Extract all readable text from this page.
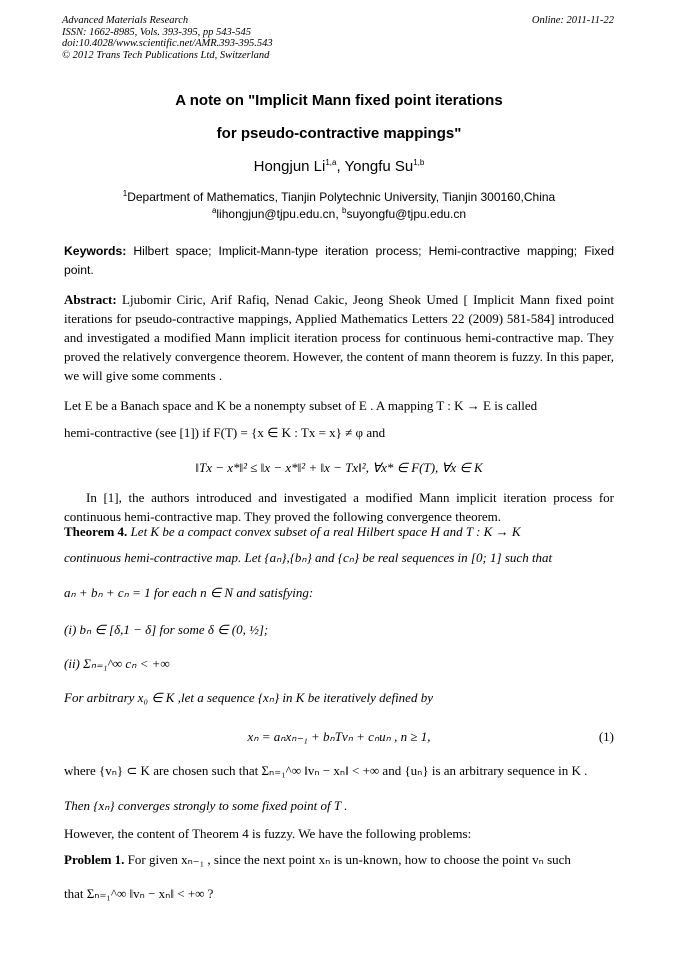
Advanced Materials Research
ISSN: 1662-8985, Vols. 393-395, pp 543-545
doi:10.4028/www.scientific.net/AMR.393-395.543
© 2012 Trans Tech Publications Ltd, Switzerland
Online: 2011-11-22
A note on "Implicit Mann fixed point iterations
for pseudo-contractive mappings"
Hongjun Li$^{1,a}$, Yongfu Su$^{1,b}$
$^1$Department of Mathematics, Tianjin Polytechnic University, Tianjin 300160,China
$^a$lihongjun@tjpu.edu.cn, $^b$suyongfu@tjpu.edu.cn
Keywords: Hilbert space; Implicit-Mann-type iteration process; Hemi-contractive mapping; Fixed point.
Abstract: Ljubomir Ciric, Arif Rafiq, Nenad Cakic, Jeong Sheok Umed [ Implicit Mann fixed point iterations for pseudo-contractive mappings, Applied Mathematics Letters 22 (2009) 581-584] introduced and investigated a modified Mann implicit iteration process for continuous hemi-contractive map. They proved the relatively convergence theorem. However, the content of mann theorem is fuzzy. In this paper, we will give some comments .
Let E be a Banach space and K be a nonempty subset of E . A mapping T : K → E is called
hemi-contractive (see [1]) if F(T) = {x ∈ K : Tx = x} ≠ φ and
‖Tx − x*‖² ≤ ‖x − x*‖² + ‖x − Tx‖², ∀x* ∈ F(T), ∀x ∈ K
In [1], the authors introduced and investigated a modified Mann implicit iteration process for continuous hemi-contractive map. They proved the following convergence theorem.
Theorem 4. Let K be a compact convex subset of a real Hilbert space H and T : K → K
continuous hemi-contractive map. Let {aₙ},{bₙ} and {cₙ} be real sequences in [0; 1] such that
aₙ + bₙ + cₙ = 1 for each n ∈ N and satisfying:
(i) bₙ ∈ [δ,1 − δ] for some δ ∈ (0, ½];
(ii) Σₙ₌₁^∞ cₙ < +∞
For arbitrary x₀ ∈ K ,let a sequence {xₙ} in K be iteratively defined by
xₙ = aₙxₙ₋₁ + bₙTvₙ + cₙuₙ , n ≥ 1,	(1)
where {vₙ} ⊂ K are chosen such that Σₙ₌₁^∞ ‖vₙ − xₙ‖ < +∞ and {uₙ} is an arbitrary sequence in K .
Then {xₙ} converges strongly to some fixed point of T .
However, the content of Theorem 4 is fuzzy. We have the following problems:
Problem 1. For given xₙ₋₁ , since the next point xₙ is un-known, how to choose the point vₙ such
that Σₙ₌₁^∞ ‖vₙ − xₙ‖ < +∞ ?
